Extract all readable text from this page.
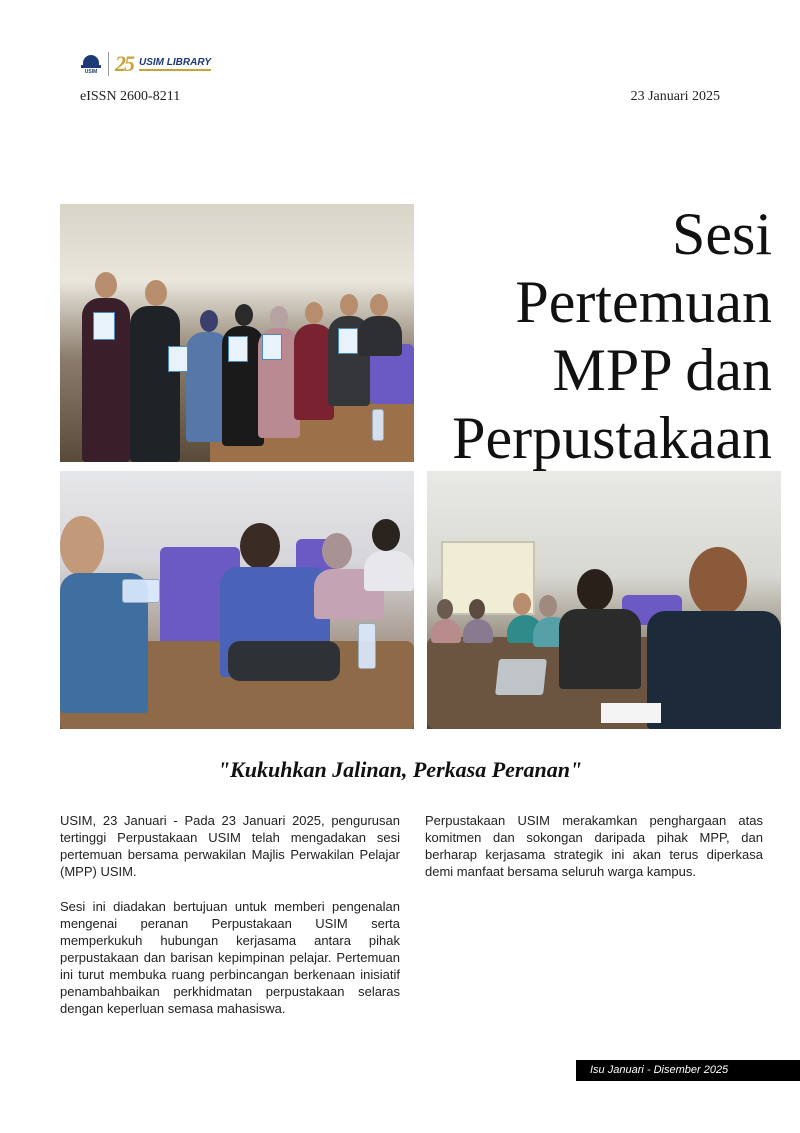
USIM 25 USIM LIBRARY
eISSN 2600-8211	23 Januari 2025
Sesi
Pertemuan
MPP dan
Perpustakaan
"Kukuhkan Jalinan, Perkasa Peranan"

USIM, 23 Januari - Pada 23 Januari 2025, pengurusan tertinggi Perpustakaan USIM telah mengadakan sesi pertemuan bersama perwakilan Majlis Perwakilan Pelajar (MPP) USIM.

Sesi ini diadakan bertujuan untuk memberi pengenalan mengenai peranan Perpustakaan USIM serta memperkukuh hubungan kerjasama antara pihak perpustakaan dan barisan kepimpinan pelajar. Pertemuan ini turut membuka ruang perbincangan berkenaan inisiatif penambahbaikan perkhidmatan perpustakaan selaras dengan keperluan semasa mahasiswa.

Perpustakaan USIM merakamkan penghargaan atas komitmen dan sokongan daripada pihak MPP, dan berharap kerjasama strategik ini akan terus diperkasa demi manfaat bersama seluruh warga kampus.

Isu Januari - Disember 2025
